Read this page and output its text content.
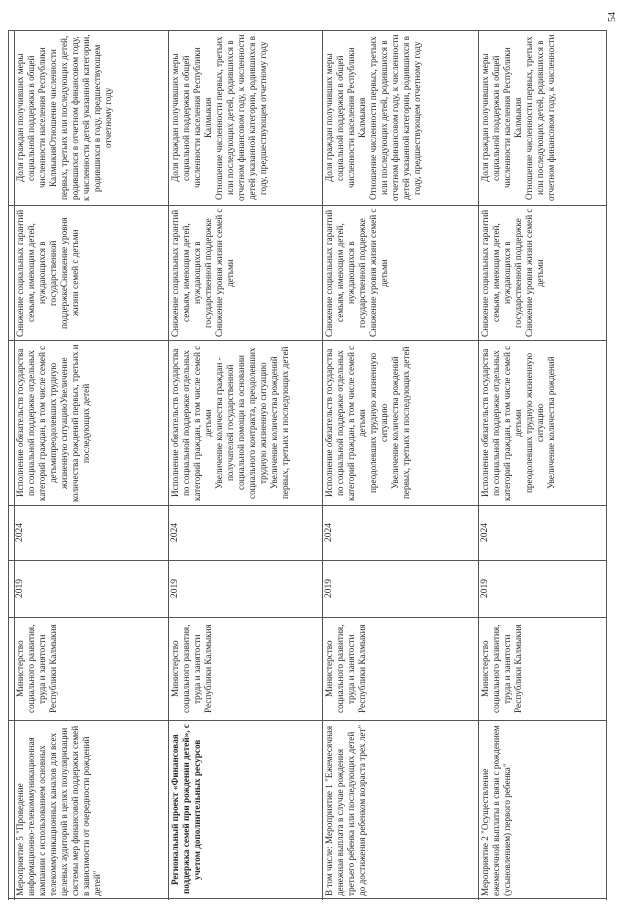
54
Доля граждан получивших меры социальной поддержки в общей численности населения Республики КалмыкияОтношение численности первых, третьих или последующих детей, родившихся в отчетном финансовом году, к численности детей указанной категории, родившихся в году, предшествующем отчетному году
Снижение социальных гарантий семьям, имеющим детей, нуждающихся в государственной поддержкеСнижение уровня жизни семей с детьми
Исполнение обязательств государства по социальной поддержке отдельных категорий граждан, в том числе семей с детьмипреодолевших трудную жизненную ситуациюУвеличение количества рождений первых, третьих и последующих детей
2024
2019
Министерство социального развития, труда и занятости Республики Калмыкия
Мероприятие 5 "Проведение информационно-телекоммуникационная кампании с использованием основных телекоммуникационных каналов для всех целевых аудиторий в целях популяризации системы мер финансовой поддержки семей в зависимости от очередности рождений детей"
Доля граждан получивших меры социальной поддержки в общей численности населения Республики Калмыкия
Отношение численности первых, третьих или последующих детей, родившихся в отчетном финансовом году, к численности детей указанной категории, родившихся в году, предшествующем отчетному году
Снижение социальных гарантий семьям, имеющим детей, нуждающихся в государственной поддержке
Снижение уровня жизни семей с детьми
Исполнение обязательств государства по социальной поддержке отдельных категорий граждан, в том числе семей с детьми
Увеличение количества граждан - получателей государственной социальной помощи на основании социального контракта, преодолевших трудную жизненную ситуацию
Увеличение количества рождений первых, третьих и последующих детей
2024
2019
Министерство социального развития, труда и занятости Республики Калмыкия
Региональный проект «Финансовая поддержка семей при рождении детей», с учетом дополнительных ресурсов
Доля граждан получивших меры социальной поддержки в общей численности населения Республики Калмыкия
Отношение численности первых, третьих или последующих детей, родившихся в отчетном финансовом году, к численности детей указанной категории, родившихся в году, предшествующем отчетному году
Снижение социальных гарантий семьям, имеющим детей, нуждающихся в государственной поддержке
Снижение уровня жизни семей с детьми
Исполнение обязательств государства по социальной поддержке отдельных категорий граждан, в том числе семей с детьми
преодолевших трудную жизненную ситуацию
Увеличение количества рождений первых, третьих и последующих детей
2024
2019
Министерство социального развития, труда и занятости Республики Калмыкия
В том числе: Мероприятие 1 "Ежемесячная денежная выплата в случае рождения третьего ребенка или последующих детей до достижения ребенком возраста трех лет"
Доля граждан получивших меры социальной поддержки в общей численности населения Республики Калмыкия
Отношение численности первых, третьих или последующих детей, родившихся в отчетном финансовом году, к численности
Снижение социальных гарантий семьям, имеющим детей, нуждающихся в государственной поддержке
Снижение уровня жизни семей с детьми
Исполнение обязательств государства по социальной поддержке отдельных категорий граждан, в том числе семей с детьми
преодолевших трудную жизненную ситуацию
Увеличение количества рождений
2024
2019
Министерство социального развития, труда и занятости Республики Калмыкия
Мероприятие 2 "Осуществление ежемесячной выплаты в связи с рождением (усыновлением) первого ребенка"
